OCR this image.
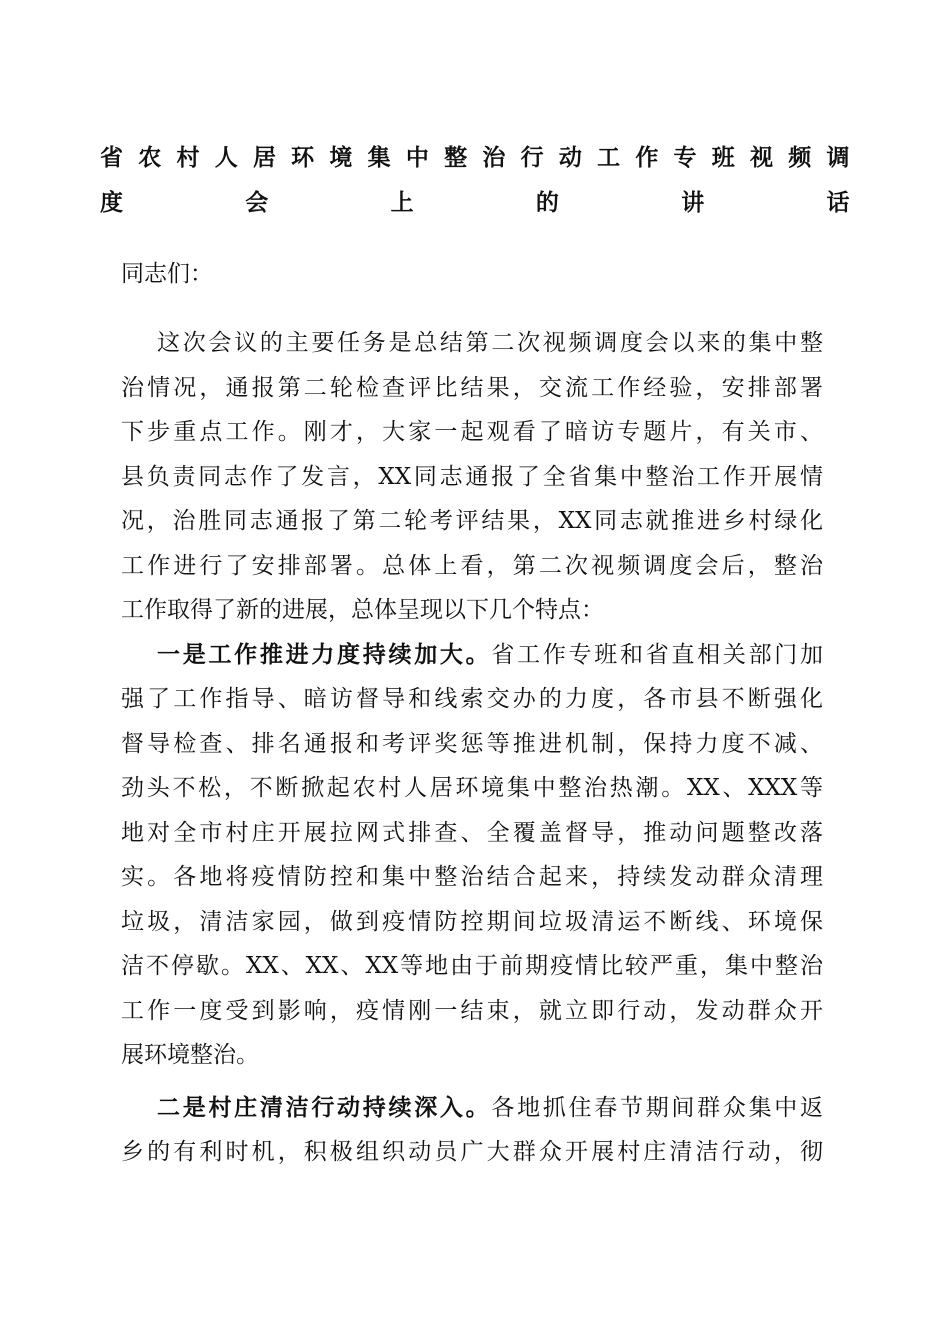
省农村人居环境集中整治行动工作专班视频调
度会上的讲话
同志们：
这次会议的主要任务是总结第二次视频调度会以来的集中整
治情况，通报第二轮检查评比结果，交流工作经验，安排部署
下步重点工作。刚才，大家一起观看了暗访专题片，有关市、
县负责同志作了发言，XX同志通报了全省集中整治工作开展情
况，治胜同志通报了第二轮考评结果，XX同志就推进乡村绿化
工作进行了安排部署。总体上看，第二次视频调度会后，整治
工作取得了新的进展，总体呈现以下几个特点：
一是工作推进力度持续加大。省工作专班和省直相关部门加
强了工作指导、暗访督导和线索交办的力度，各市县不断强化
督导检查、排名通报和考评奖惩等推进机制，保持力度不减、
劲头不松，不断掀起农村人居环境集中整治热潮。XX、XXX等
地对全市村庄开展拉网式排查、全覆盖督导，推动问题整改落
实。各地将疫情防控和集中整治结合起来，持续发动群众清理
垃圾，清洁家园，做到疫情防控期间垃圾清运不断线、环境保
洁不停歇。XX、XX、XX等地由于前期疫情比较严重，集中整治
工作一度受到影响，疫情刚一结束，就立即行动，发动群众开
展环境整治。
二是村庄清洁行动持续深入。各地抓住春节期间群众集中返
乡的有利时机，积极组织动员广大群众开展村庄清洁行动，彻
